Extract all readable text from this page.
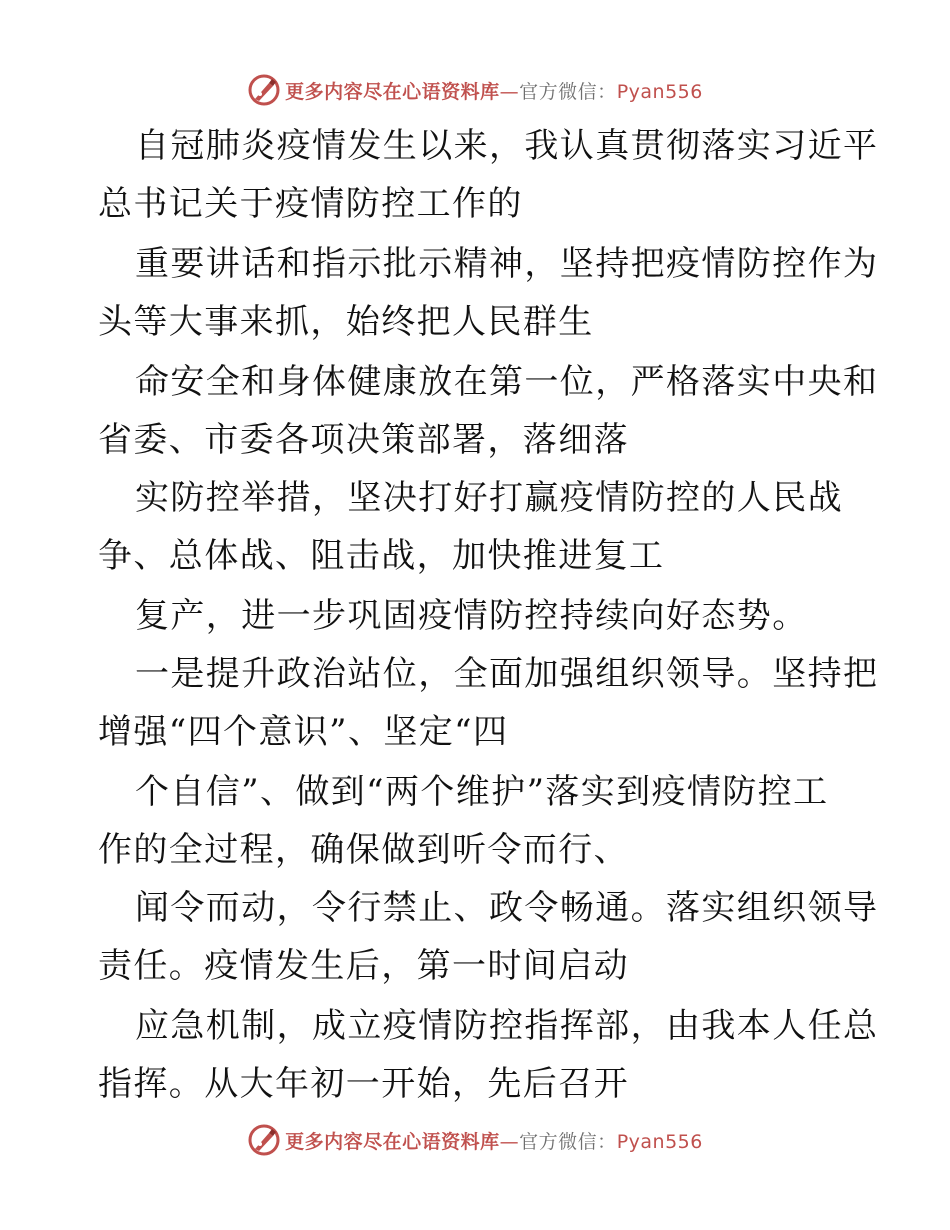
更多内容尽在心语资料库—官方微信：Pyan556
自冠肺炎疫情发生以来，我认真贯彻落实习近平
总书记关于疫情防控工作的
重要讲话和指示批示精神，坚持把疫情防控作为
头等大事来抓，始终把人民群生
命安全和身体健康放在第一位，严格落实中央和
省委、市委各项决策部署，落细落
实防控举措，坚决打好打赢疫情防控的人民战
争、总体战、阻击战，加快推进复工
复产，进一步巩固疫情防控持续向好态势。
一是提升政治站位，全面加强组织领导。坚持把
增强“四个意识”、坚定“四
个自信”、做到“两个维护”落实到疫情防控工
作的全过程，确保做到听令而行、
闻令而动，令行禁止、政令畅通。落实组织领导
责任。疫情发生后，第一时间启动
应急机制，成立疫情防控指挥部，由我本人任总
指挥。从大年初一开始，先后召开
更多内容尽在心语资料库—官方微信：Pyan556
